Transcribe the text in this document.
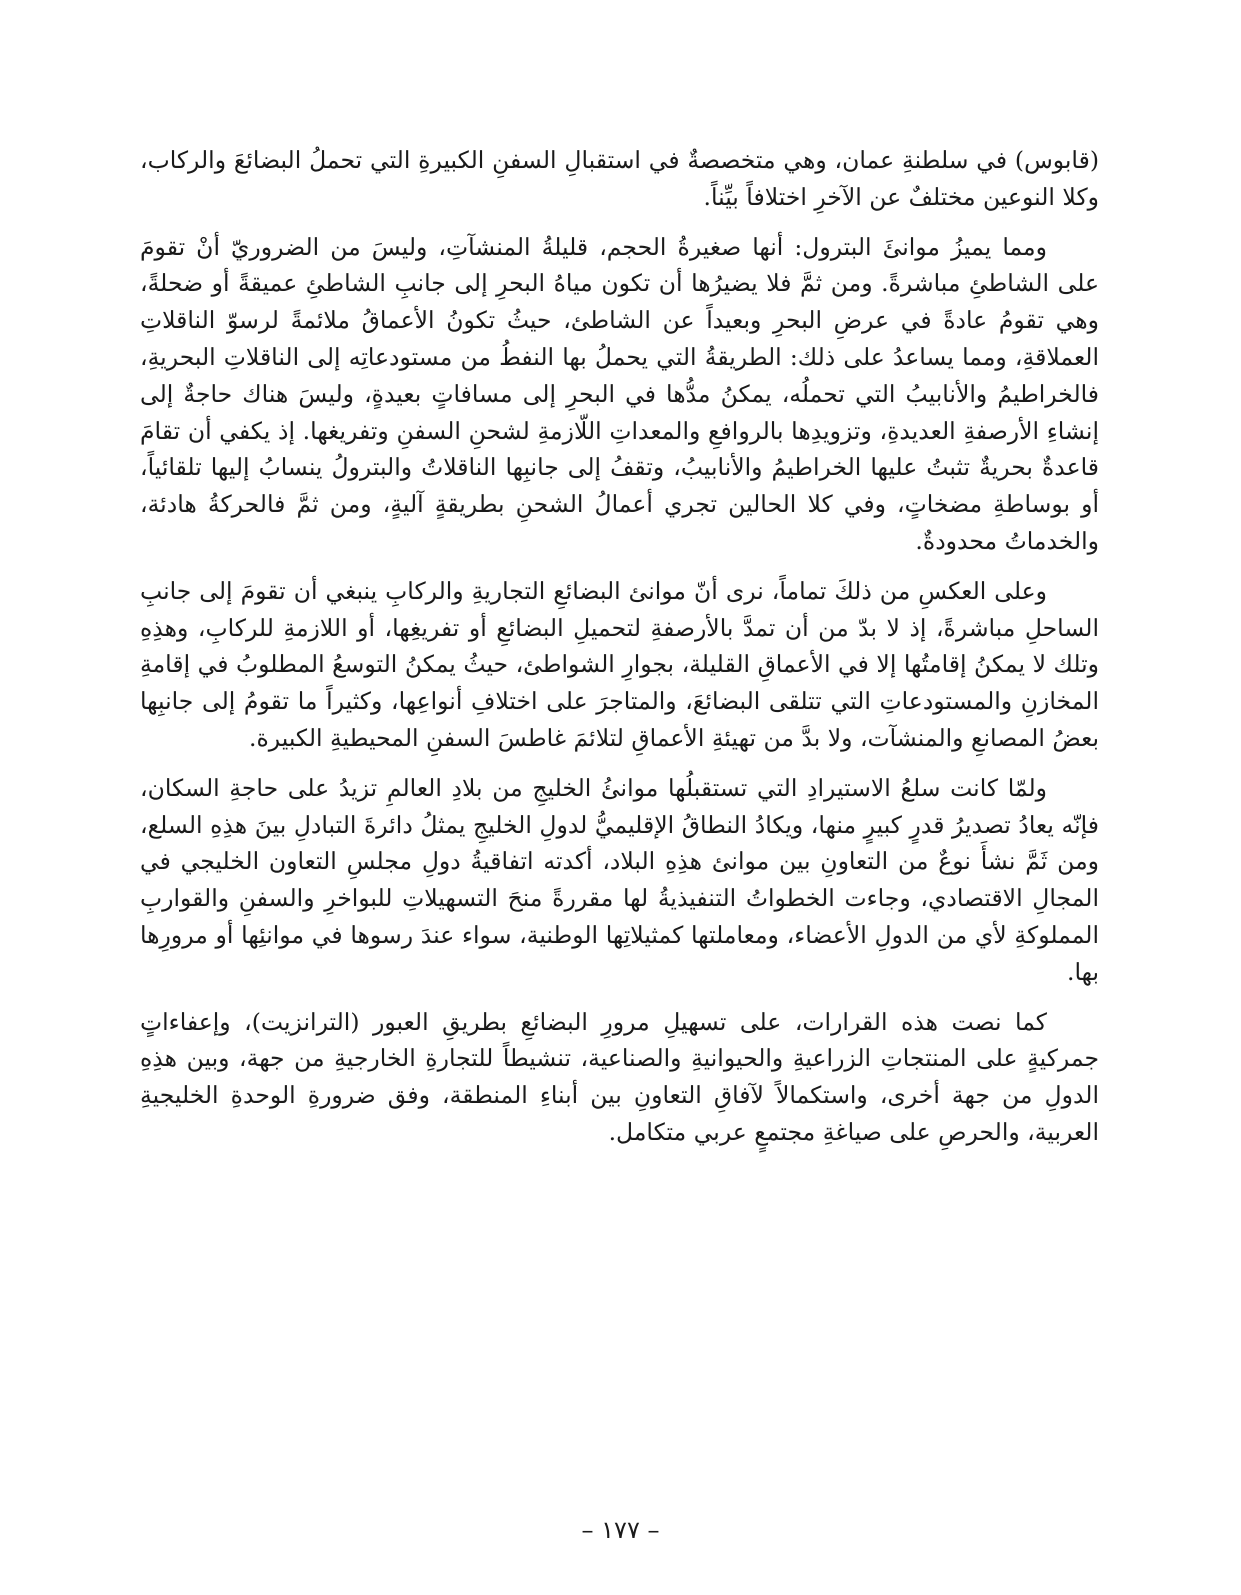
(قابوس) في سلطنةِ عمان، وهي متخصصةٌ في استقبالِ السفنِ الكبيرةِ التي تحملُ البضائعَ والركاب، وكلا النوعين مختلفٌ عن الآخرِ اختلافاً بيِّناً.

ومما يميزُ موانئَ البترول: أنها صغيرةُ الحجم، قليلةُ المنشآتِ، وليسَ من الضروريّ أنْ تقومَ على الشاطئِ مباشرةً. ومن ثمَّ فلا يضيرُها أن تكون مياهُ البحرِ إلى جانبِ الشاطئِ عميقةً أو ضحلةً، وهي تقومُ عادةً في عرضِ البحرِ وبعيداً عن الشاطئ، حيثُ تكونُ الأعماقُ ملائمةً لرسوّ الناقلاتِ العملاقةِ، ومما يساعدُ على ذلك: الطريقةُ التي يحملُ بها النفطُ من مستودعاتِه إلى الناقلاتِ البحريةِ، فالخراطيمُ والأنابيبُ التي تحملُه، يمكنُ مدُّها في البحرِ إلى مسافاتٍ بعيدةٍ، وليسَ هناك حاجةٌ إلى إنشاءِ الأرصفةِ العديدةِ، وتزويدِها بالروافعِ والمعداتِ اللّازمةِ لشحنِ السفنِ وتفريغها. إذ يكفي أن تقامَ قاعدةٌ بحريةٌ تثبتُ عليها الخراطيمُ والأنابيبُ، وتقفُ إلى جانبِها الناقلاتُ والبترولُ ينسابُ إليها تلقائياً، أو بوساطةِ مضخاتٍ، وفي كلا الحالين تجري أعمالُ الشحنِ بطريقةٍ آليةٍ، ومن ثمَّ فالحركةُ هادئة، والخدماتُ محدودةٌ.

وعلى العكسِ من ذلكَ تماماً، نرى أنّ موانئ البضائعِ التجاريةِ والركابِ ينبغي أن تقومَ إلى جانبِ الساحلِ مباشرةً، إذ لا بدّ من أن تمدَّ بالأرصفةِ لتحميلِ البضائعِ أو تفريغِها، أو اللازمةِ للركابِ، وهذِهِ وتلك لا يمكنُ إقامتُها إلا في الأعماقِ القليلة، بجوارِ الشواطئ، حيثُ يمكنُ التوسعُ المطلوبُ في إقامةِ المخازنِ والمستودعاتِ التي تتلقى البضائعَ، والمتاجرَ على اختلافِ أنواعِها، وكثيراً ما تقومُ إلى جانبِها بعضُ المصانعِ والمنشآت، ولا بدَّ من تهيئةِ الأعماقِ لتلائمَ غاطسَ السفنِ المحيطيةِ الكبيرة.

ولمّا كانت سلعُ الاستيرادِ التي تستقبلُها موانئُ الخليجِ من بلادِ العالمِ تزيدُ على حاجةِ السكان، فإنّه يعادُ تصديرُ قدرٍ كبيرٍ منها، ويكادُ النطاقُ الإقليميُّ لدولِ الخليجِ يمثلُ دائرةَ التبادلِ بينَ هذِهِ السلع، ومن ثَمَّ نشأَ نوعٌ من التعاونِ بين موانئ هذِهِ البلاد، أكدته اتفاقيةُ دولِ مجلسِ التعاون الخليجي في المجالِ الاقتصادي، وجاءت الخطواتُ التنفيذيةُ لها مقررةً منحَ التسهيلاتِ للبواخرِ والسفنِ والقواربِ المملوكةِ لأي من الدولِ الأعضاء، ومعاملتها كمثيلاتِها الوطنية، سواء عندَ رسوها في موانئِها أو مرورِها بها.

كما نصت هذه القرارات، على تسهيلِ مرورِ البضائعِ بطريقِ العبور (الترانزيت)، وإعفاءاتٍ جمركيةٍ على المنتجاتِ الزراعيةِ والحيوانيةِ والصناعية، تنشيطاً للتجارةِ الخارجيةِ من جهة، وبين هذِهِ الدولِ من جهة أخرى، واستكمالاً لآفاقِ التعاونِ بين أبناءِ المنطقة، وفق ضرورةِ الوحدةِ الخليجيةِ العربية، والحرصِ على صياغةِ مجتمعٍ عربي متكامل.

– ١٧٧ –
